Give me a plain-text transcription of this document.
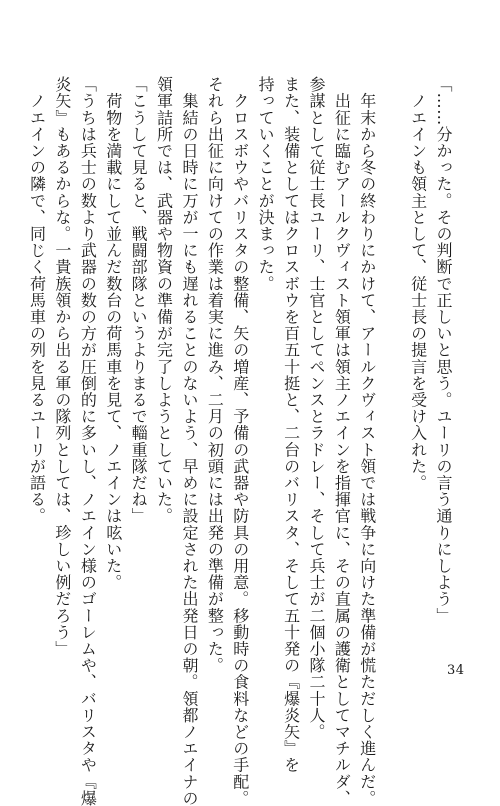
「……分かった。その判断で正しいと思う。ユーリの言う通りにしよう」

　ノエインも領主として、従士長の提言を受け入れた。

　年末から冬の終わりにかけて、アールクヴィスト領では戦争に向けた準備が慌ただしく進んだ。

　出征に臨むアールクヴィスト領軍は領主ノエインを指揮官に、その直属の護衛としてマチルダ、

参謀として従士長ユーリ、士官としてペンスとラドレー、そして兵士が二個小隊二十人。

また、装備としてはクロスボウを百五十挺と、二台のバリスタ、そして五十発の『爆炎矢』を

持っていくことが決まった。

　クロスボウやバリスタの整備、矢の増産、予備の武器や防具の用意。移動時の食料などの手配。

それら出征に向けての作業は着実に進み、二月の初頭には出発の準備が整った。

　集結の日時に万が一にも遅れることのないよう、早めに設定された出発日の朝。領都ノエイナの

領軍詰所では、武器や物資の準備が完了しようとしていた。

「こうして見ると、戦闘部隊というよりまるで輜重隊だね」

　荷物を満載にして並んだ数台の荷馬車を見て、ノエインは呟いた。

「うちは兵士の数より武器の数の方が圧倒的に多いし、ノエイン様のゴーレムや、バリスタや『爆

炎矢』もあるからな。一貴族領から出る軍の隊列としては、珍しい例だろう」

　ノエインの隣で、同じく荷馬車の列を見るユーリが語る。

34
